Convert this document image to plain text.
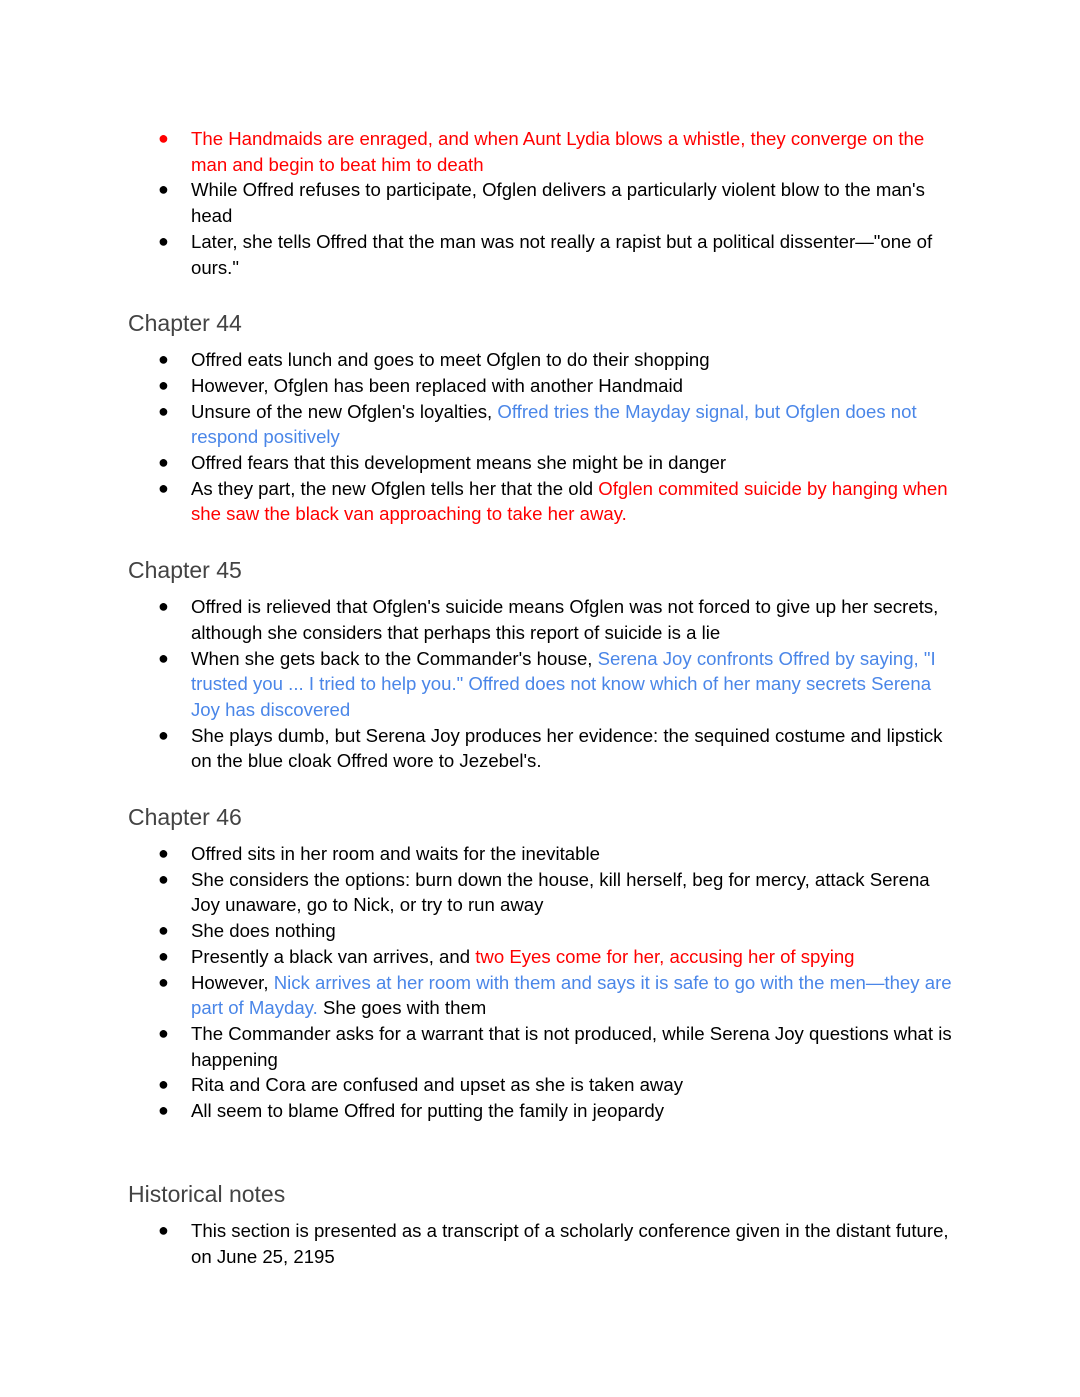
● The Handmaids are enraged, and when Aunt Lydia blows a whistle, they converge on the man and begin to beat him to death
● While Offred refuses to participate, Ofglen delivers a particularly violent blow to the man's head
● Later, she tells Offred that the man was not really a rapist but a political dissenter—"one of ours."
Chapter 44
● Offred eats lunch and goes to meet Ofglen to do their shopping
● However, Ofglen has been replaced with another Handmaid
● Unsure of the new Ofglen's loyalties, Offred tries the Mayday signal, but Ofglen does not respond positively
● Offred fears that this development means she might be in danger
● As they part, the new Ofglen tells her that the old Ofglen commited suicide by hanging when she saw the black van approaching to take her away.
Chapter 45
● Offred is relieved that Ofglen's suicide means Ofglen was not forced to give up her secrets, although she considers that perhaps this report of suicide is a lie
● When she gets back to the Commander's house, Serena Joy confronts Offred by saying, "I trusted you ... I tried to help you." Offred does not know which of her many secrets Serena Joy has discovered
● She plays dumb, but Serena Joy produces her evidence: the sequined costume and lipstick on the blue cloak Offred wore to Jezebel's.
Chapter 46
● Offred sits in her room and waits for the inevitable
● She considers the options: burn down the house, kill herself, beg for mercy, attack Serena Joy unaware, go to Nick, or try to run away
● She does nothing
● Presently a black van arrives, and two Eyes come for her, accusing her of spying
● However, Nick arrives at her room with them and says it is safe to go with the men—they are part of Mayday. She goes with them
● The Commander asks for a warrant that is not produced, while Serena Joy questions what is happening
● Rita and Cora are confused and upset as she is taken away
● All seem to blame Offred for putting the family in jeopardy
Historical notes
● This section is presented as a transcript of a scholarly conference given in the distant future, on June 25, 2195
